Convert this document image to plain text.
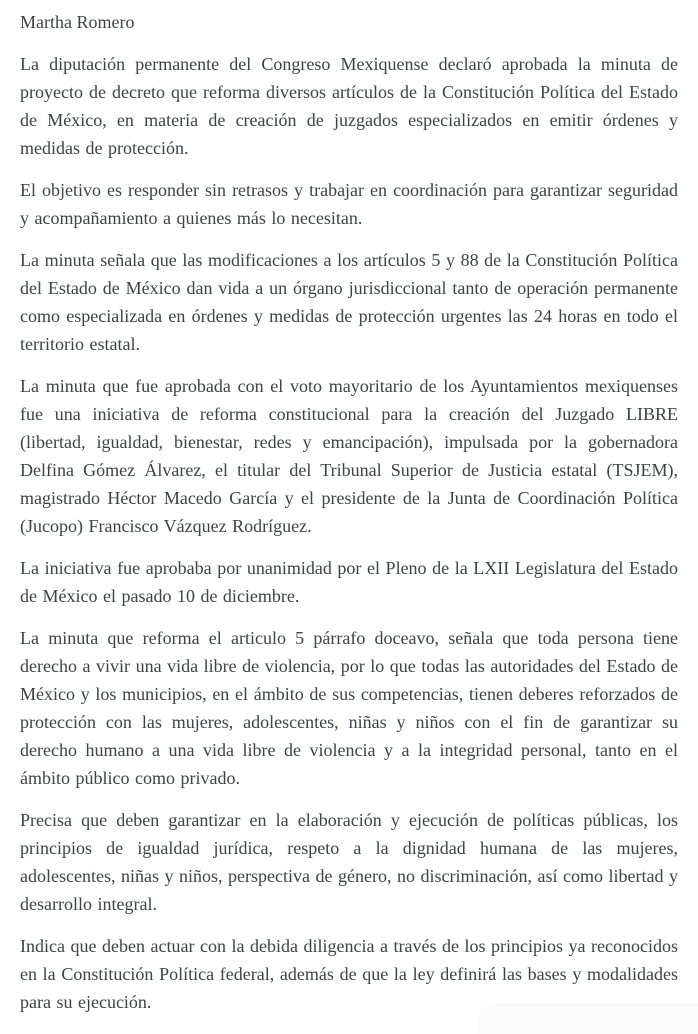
Martha Romero

La diputación permanente del Congreso Mexiquense declaró aprobada la minuta de proyecto de decreto que reforma diversos artículos de la Constitución Política del Estado de México, en materia de creación de juzgados especializados en emitir órdenes y medidas de protección.

El objetivo es responder sin retrasos y trabajar en coordinación para garantizar seguridad y acompañamiento a quienes más lo necesitan.

La minuta señala que las modificaciones a los artículos 5 y 88 de la Constitución Política del Estado de México dan vida a un órgano jurisdiccional tanto de operación permanente como especializada en órdenes y medidas de protección urgentes las 24 horas en todo el territorio estatal.

La minuta que fue aprobada con el voto mayoritario de los Ayuntamientos mexiquenses fue una iniciativa de reforma constitucional para la creación del Juzgado LIBRE (libertad, igualdad, bienestar, redes y emancipación), impulsada por la gobernadora Delfina Gómez Álvarez, el titular del Tribunal Superior de Justicia estatal (TSJEM), magistrado Héctor Macedo García y el presidente de la Junta de Coordinación Política (Jucopo) Francisco Vázquez Rodríguez.

La iniciativa fue aprobaba por unanimidad por el Pleno de la LXII Legislatura del Estado de México el pasado 10 de diciembre.

La minuta que reforma el articulo 5 párrafo doceavo, señala que toda persona tiene derecho a vivir una vida libre de violencia, por lo que todas las autoridades del Estado de México y los municipios, en el ámbito de sus competencias, tienen deberes reforzados de protección con las mujeres, adolescentes, niñas y niños con el fin de garantizar su derecho humano a una vida libre de violencia y a la integridad personal, tanto en el ámbito público como privado.

Precisa que deben garantizar en la elaboración y ejecución de políticas públicas, los principios de igualdad jurídica, respeto a la dignidad humana de las mujeres, adolescentes, niñas y niños, perspectiva de género, no discriminación, así como libertad y desarrollo integral.

Indica que deben actuar con la debida diligencia a través de los principios ya reconocidos en la Constitución Política federal, además de que la ley definirá las bases y modalidades para su ejecución.
